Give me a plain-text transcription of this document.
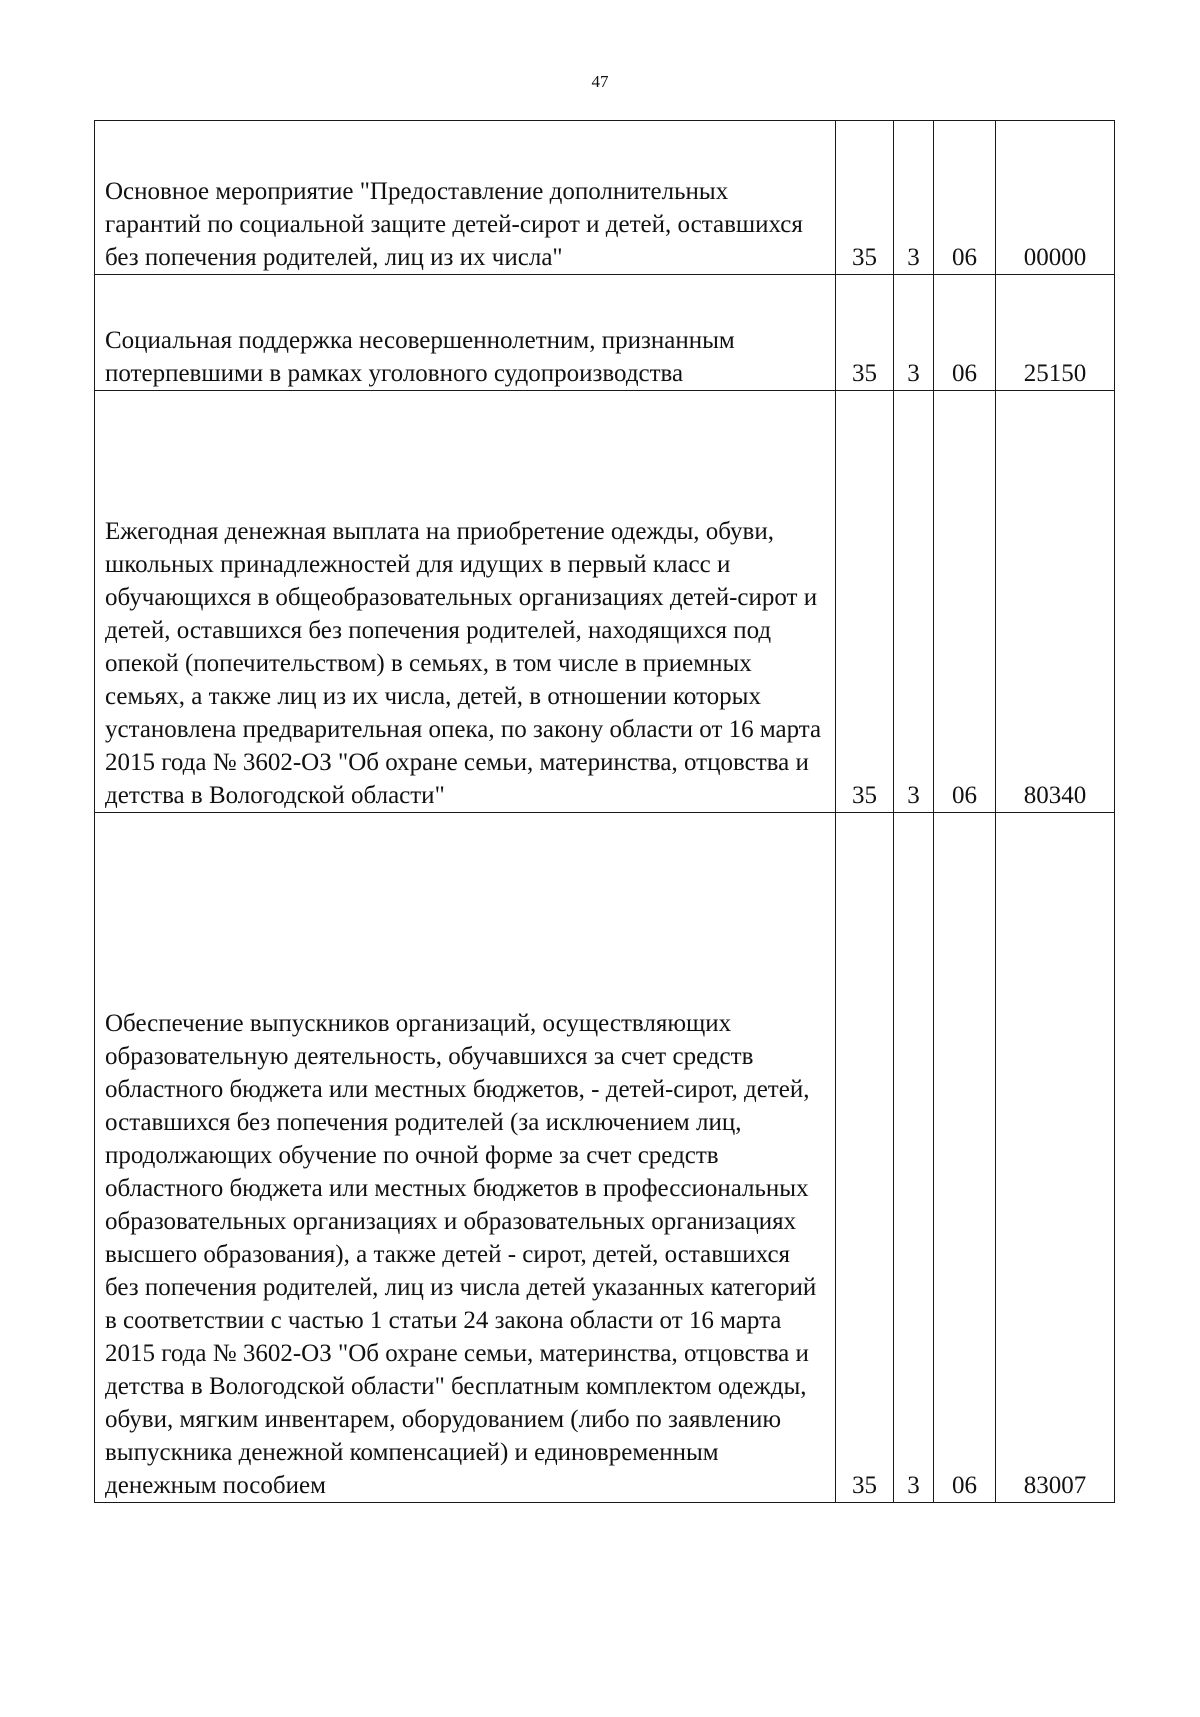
47
Основное мероприятие "Предоставление дополнительных гарантий по социальной защите детей-сирот и детей, оставшихся без попечения родителей, лиц из их числа"	35	3	06	00000
Социальная поддержка несовершеннолетним, признанным потерпевшими в рамках уголовного судопроизводства	35	3	06	25150
Ежегодная денежная выплата на приобретение одежды, обуви, школьных принадлежностей для идущих в первый класс и обучающихся в общеобразовательных организациях детей-сирот и детей, оставшихся без попечения родителей, находящихся под опекой (попечительством) в семьях, в том числе в приемных семьях, а также лиц из их числа, детей, в отношении которых установлена предварительная опека, по закону области от 16 марта 2015 года № 3602-ОЗ "Об охране семьи, материнства, отцовства и детства в Вологодской области"	35	3	06	80340
Обеспечение выпускников организаций, осуществляющих образовательную деятельность, обучавшихся за счет средств областного бюджета или местных бюджетов, - детей-сирот, детей, оставшихся без попечения родителей (за исключением лиц, продолжающих обучение по очной форме за счет средств областного бюджета или местных бюджетов в профессиональных образовательных организациях и образовательных организациях высшего образования), а также детей - сирот, детей, оставшихся без попечения родителей, лиц из числа детей указанных категорий в соответствии с частью 1 статьи 24 закона области от 16 марта 2015 года № 3602-ОЗ "Об охране семьи, материнства, отцовства и детства в Вологодской области" бесплатным комплектом одежды, обуви, мягким инвентарем, оборудованием (либо по заявлению выпускника денежной компенсацией) и единовременным денежным пособием	35	3	06	83007
